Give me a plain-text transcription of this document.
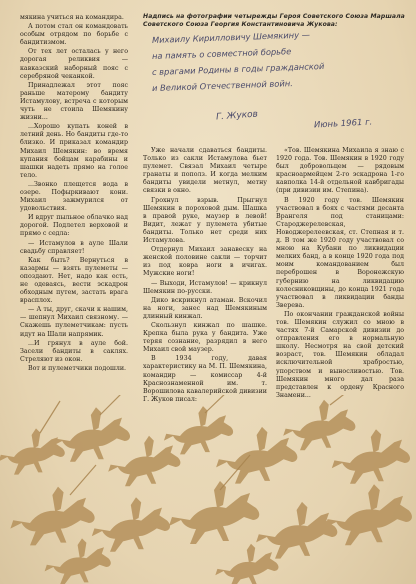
мякина учиться на командира.

А потом стал он командовать особым отрядом по борьбе с бандитизмом.

От тех лет осталась у него дорогая реликвия — кавказский наборный пояс с серебряной чеканкой.

Принадлежал этот пояс раньше матерому бандиту Истамулову, встреча с которым чуть не стоила Шемякину жизни...

...Хорошо купать коней в летний день. Но бандиты где-то близко. И приказал командир Михаил Шемякин: во время купания бойцам карабины и шашки надеть прямо на голое тело.

...Звонко плещется вода в озере. Пофыркивают кони. Михаил зажмурился от удовольствия.

И вдруг пыльное облачко над дорогой. Подлетел верховой и прямо с седла:

— Истамулов в ауле Шали свадьбу справляет!

Как быть? Вернуться в казармы — взять пулеметы — опоздают. Нет, надо как есть, не одеваясь, вести эскадрон обходным путем, застать врага врасплох.

— А ты, друг, скачи к нашим, — шепнул Михаил связному. — Скажешь пулеметчикам: пусть идут на Шали напрямик.

...И грянул в ауле бой. Засели бандиты в саклях. Стреляют из окон.

Вот и пулеметчики подошли.

Надпись на фотографии четырежды Героя Советского Союза Маршала Советского Союза Георгия Константиновича Жукова:
Михаилу Кирилловичу Шемякину —
на память о совместной борьбе
с врагами Родины в годы гражданской
и Великой Отечественной войн.
Г. Жуков
Июнь 1961 г.

Уже начали сдаваться бандиты. Только из сакли Истамулова бьет пулемет. Связал Михаил четыре гранаты и пополз. И когда мелким бандиты увидели метнул, метну связки в окно.

Грохнул взрыв. Прыгнул Шемякин в пороховой дым. Шашка в правой руке, маузер в левой! Видит, лежат у пулемета убитые бандиты. Только нет среди них Истамулова.

Отдернул Михаил занавеску на женской половине сакли — торчит из под ковра ноги в ичигах. Мужские ноги!

— Выходи, Истамулов! — крикнул Шемякин по-русски.

Дико вскрикнул атаман. Вскочил на ноги, занес над Шемякиным длинный кинжал.

Скользнул кинжал по шашке. Крепка была рука у бандита. Уже теряя сознание, разрядил в него Михаил свой маузер.

В 1934 году, давая характеристику на М. П. Шемякина, командир — комиссар 4-й Краснознаменной им. т. Ворошилова кавалерийской дивизии Г. Жуков писал:

«Тов. Шемякина Михаила я знаю с 1920 года. Тов. Шемякин в 1920 году был добровольцем — рядовым красноармейцем 2-го эскадрона 1-го кавполка 14-й отдельной кавбригады (при дивизии им. Степина).

В 1920 году тов. Шемякин участвовал в боях с частями десанта Врангеля под станицами: Староджерелевская, Новоджерелеевская, ст. Степная и т. д. В том же 1920 году участвовал со мною на Кубани по ликвидации мелких банд, а в конце 1920 года под моим командованием был переброшен в Воронежскую губернию на ликвидацию колесниковщины, до конца 1921 года участвовал в ликвидации банды Зверева.

По окончании гражданской войны тов. Шемякин служил со мною в частях 7-й Самарской дивизии до отправления его в нормальную школу. Несмотря на свой детский возраст, тов. Шемякин обладал исключительной храбростью, упорством и выносливостью. Тов. Шемякин много дал раза представлен к ордену Красного Знамени...
